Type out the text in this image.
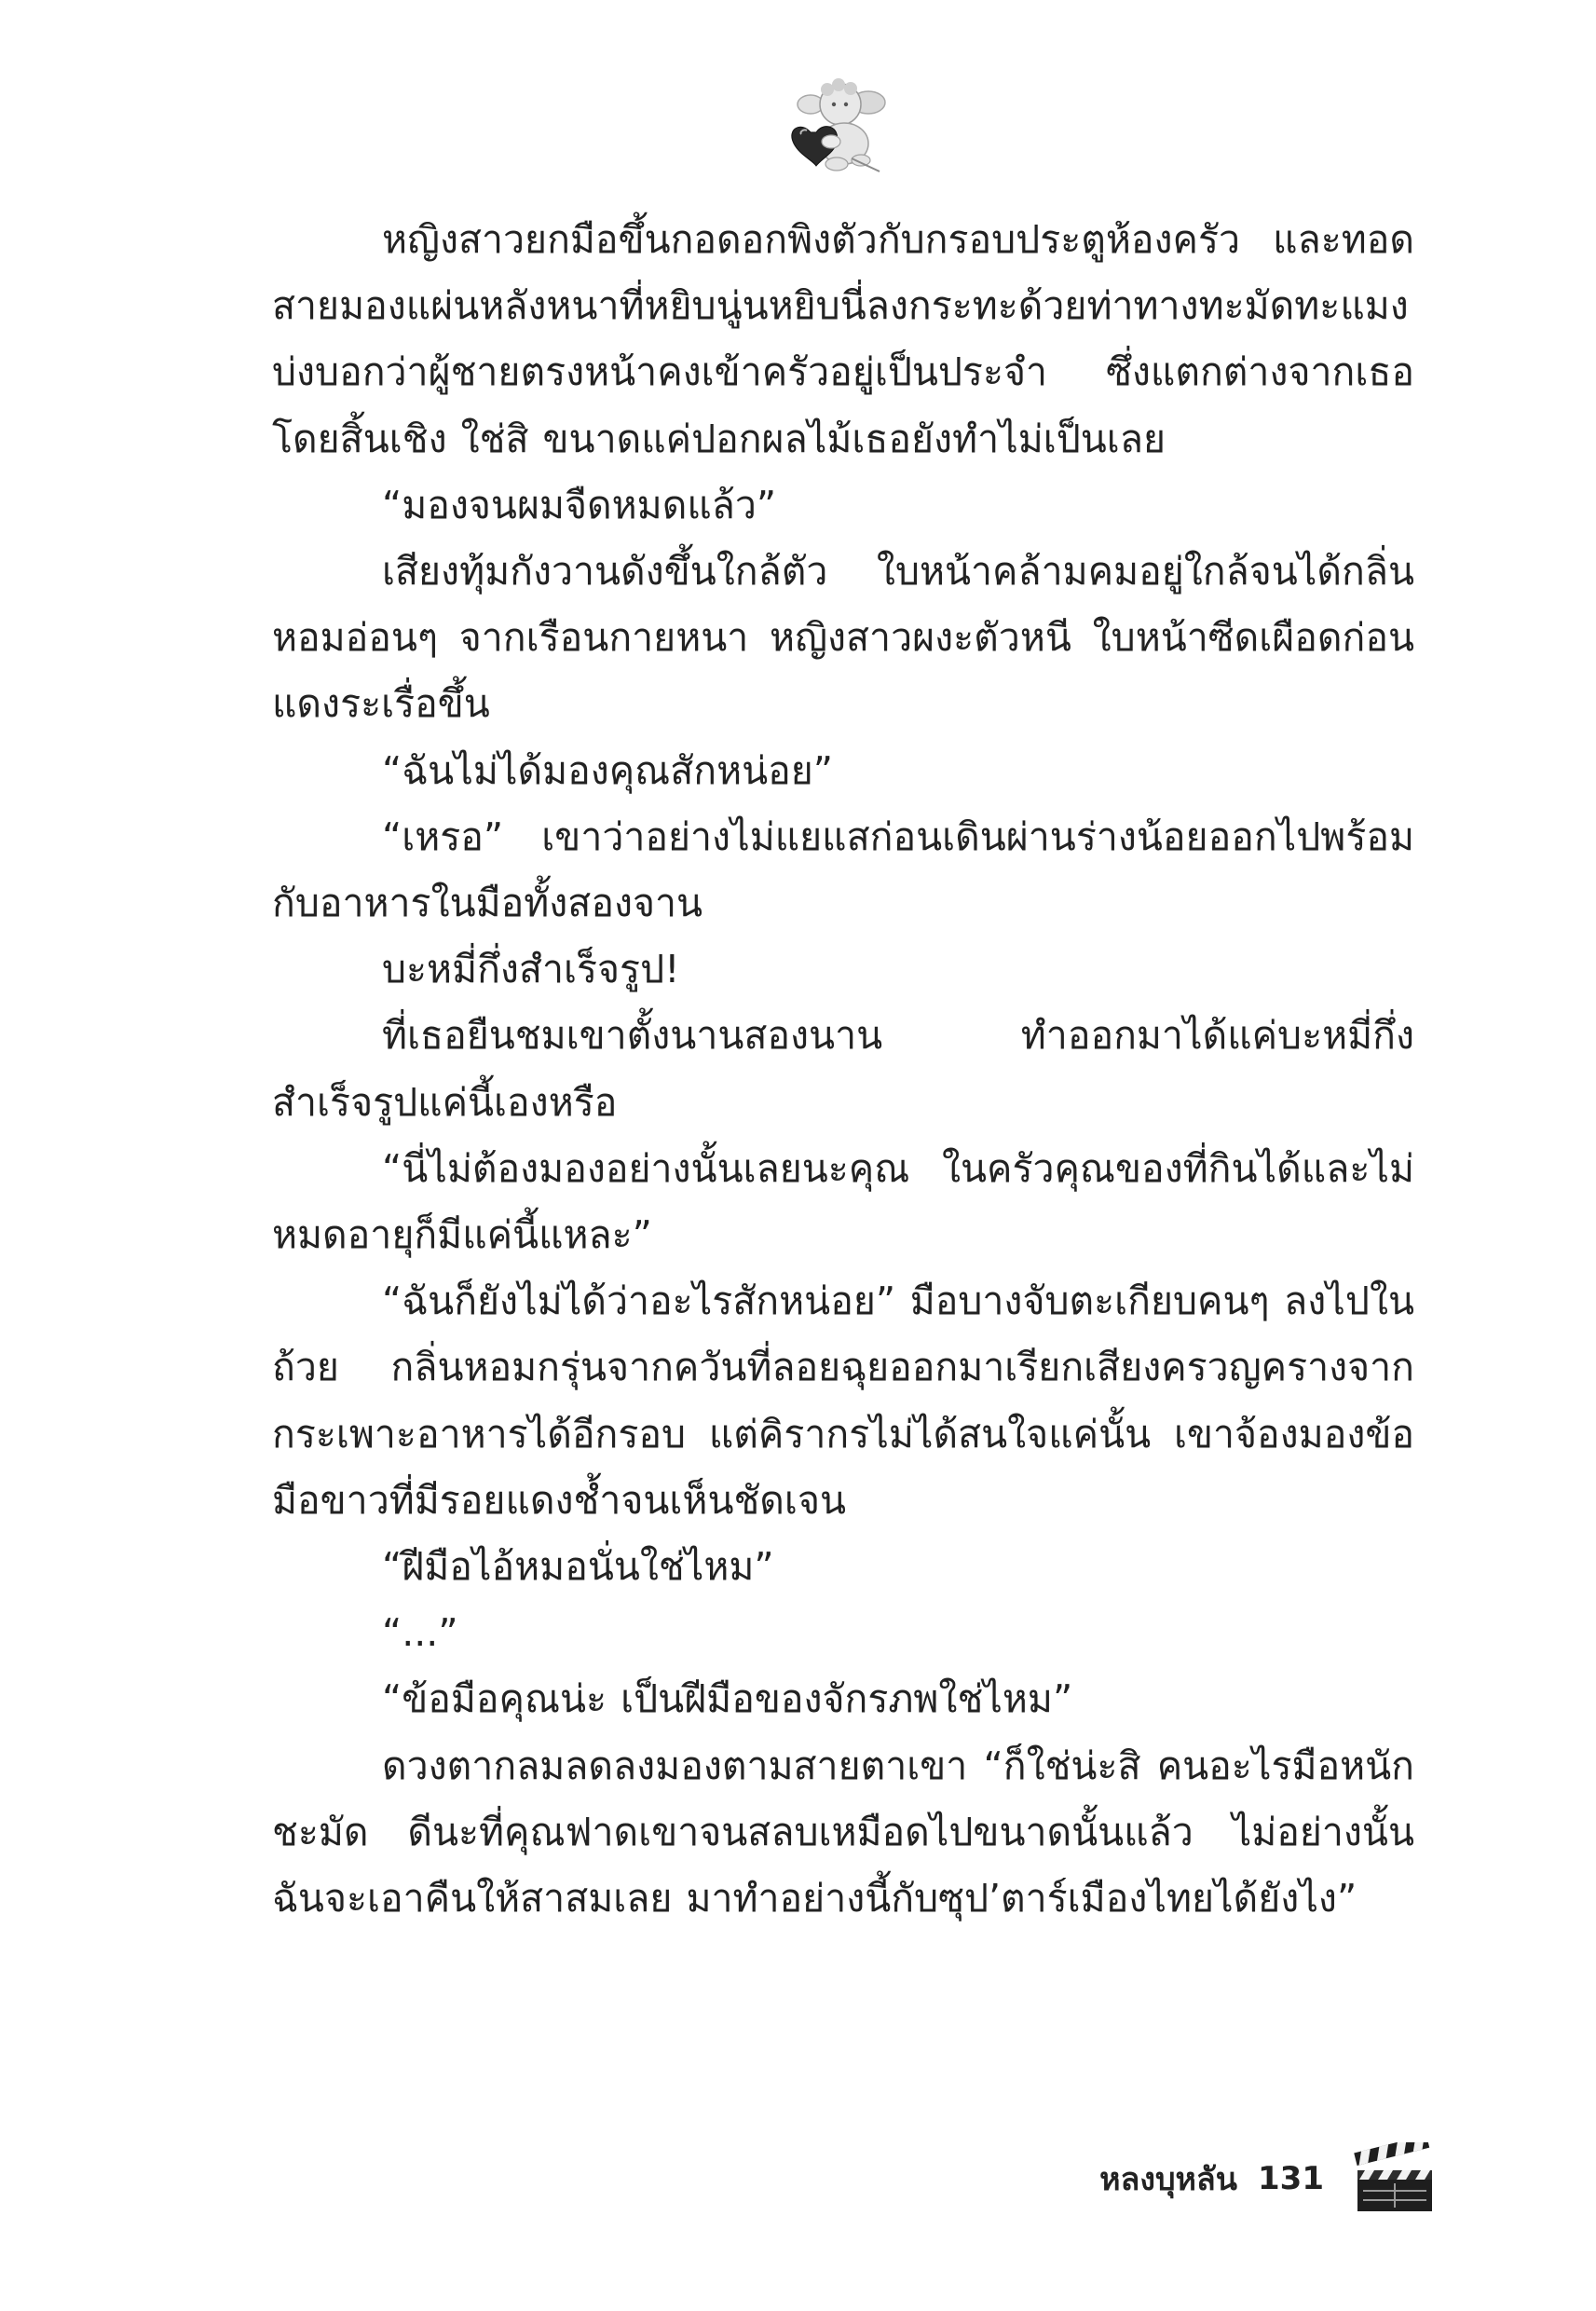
หญิงสาวยกมือขึ้นกอดอกพิงตัวกับกรอบประตูห้องครัว และทอดสายมองแผ่นหลังหนาที่หยิบนู่นหยิบนี่ลงกระทะด้วยท่าทางทะมัดทะแมง บ่งบอกว่าผู้ชายตรงหน้าคงเข้าครัวอยู่เป็นประจำ ซึ่งแตกต่างจากเธอโดยสิ้นเชิง ใช่สิ ขนาดแค่ปอกผลไม้เธอยังทำไม่เป็นเลย

“มองจนผมจืดหมดแล้ว”

เสียงทุ้มกังวานดังขึ้นใกล้ตัว ใบหน้าคล้ามคมอยู่ใกล้จนได้กลิ่นหอมอ่อนๆ จากเรือนกายหนา หญิงสาวผงะตัวหนี ใบหน้าซีดเผือดก่อนแดงระเรื่อขึ้น

“ฉันไม่ได้มองคุณสักหน่อย”

“เหรอ” เขาว่าอย่างไม่แยแสก่อนเดินผ่านร่างน้อยออกไปพร้อมกับอาหารในมือทั้งสองจาน

บะหมี่กึ่งสำเร็จรูป!

ที่เธอยืนชมเขาตั้งนานสองนาน ทำออกมาได้แค่บะหมี่กึ่งสำเร็จรูปแค่นี้เองหรือ

“นี่ไม่ต้องมองอย่างนั้นเลยนะคุณ ในครัวคุณของที่กินได้และไม่หมดอายุก็มีแค่นี้แหละ”

“ฉันก็ยังไม่ได้ว่าอะไรสักหน่อย” มือบางจับตะเกียบคนๆ ลงไปในถ้วย กลิ่นหอมกรุ่นจากควันที่ลอยฉุยออกมาเรียกเสียงครวญครางจากกระเพาะอาหารได้อีกรอบ แต่คิรากรไม่ได้สนใจแค่นั้น เขาจ้องมองข้อมือขาวที่มีรอยแดงช้ำจนเห็นชัดเจน

“ฝีมือไอ้หมอนั่นใช่ไหม”

“...”

“ข้อมือคุณน่ะ เป็นฝีมือของจักรภพใช่ไหม”

ดวงตากลมลดลงมองตามสายตาเขา “ก็ใช่น่ะสิ คนอะไรมือหนักชะมัด ดีนะที่คุณฟาดเขาจนสลบเหมือดไปขนาดนั้นแล้ว ไม่อย่างนั้นฉันจะเอาคืนให้สาสมเลย มาทำอย่างนี้กับซุป’ตาร์เมืองไทยได้ยังไง”

หลงบุหลัน 131
